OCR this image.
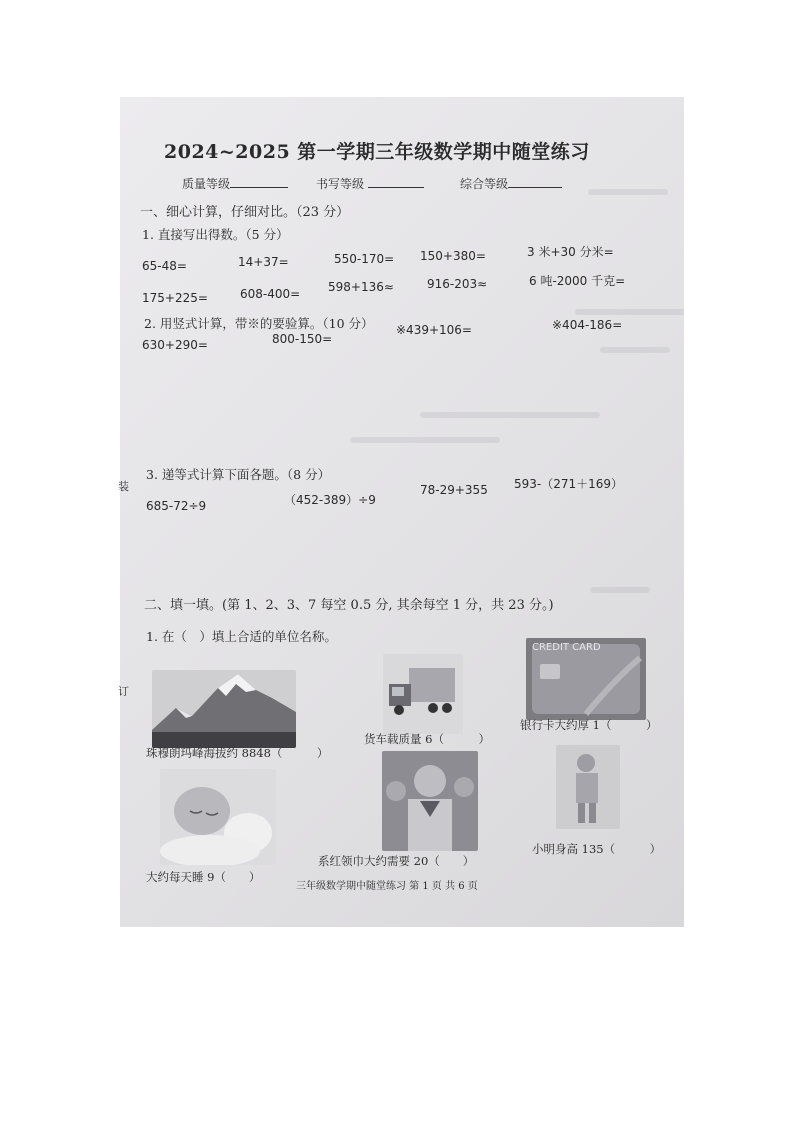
2024~2025 第一学期三年级数学期中随堂练习
质量等级	书写等级	综合等级
一、细心计算，仔细对比。（23 分）
1. 直接写出得数。（5 分）
65-48=	14+37=	550-170= 150+380=	3 米+30 分米=
175+225=	608-400= 598+136≈	916-203≈	6 吨-2000 千克=
2. 用竖式计算，带※的要验算。（10 分）
630+290=	800-150=
※439+106=	※404-186=
3. 递等式计算下面各题。（8 分）
685-72÷9	（452-389）÷9
78-29+355 593-（271＋169）
二、填一填。(第 1、2、3、7 每空 0.5 分, 其余每空 1 分，共 23 分。)
1. 在（　）填上合适的单位名称。
珠穆朗玛峰海拔约 8848（　　　）
货车载质量 6（　　　）
CREDIT CARD
银行卡大约厚 1（　　　）
大约每天睡 9（　　）
系红领巾大约需要 20（　　）
小明身高 135（　　　）
三年级数学期中随堂练习 第 1 页 共 6 页
装
订
